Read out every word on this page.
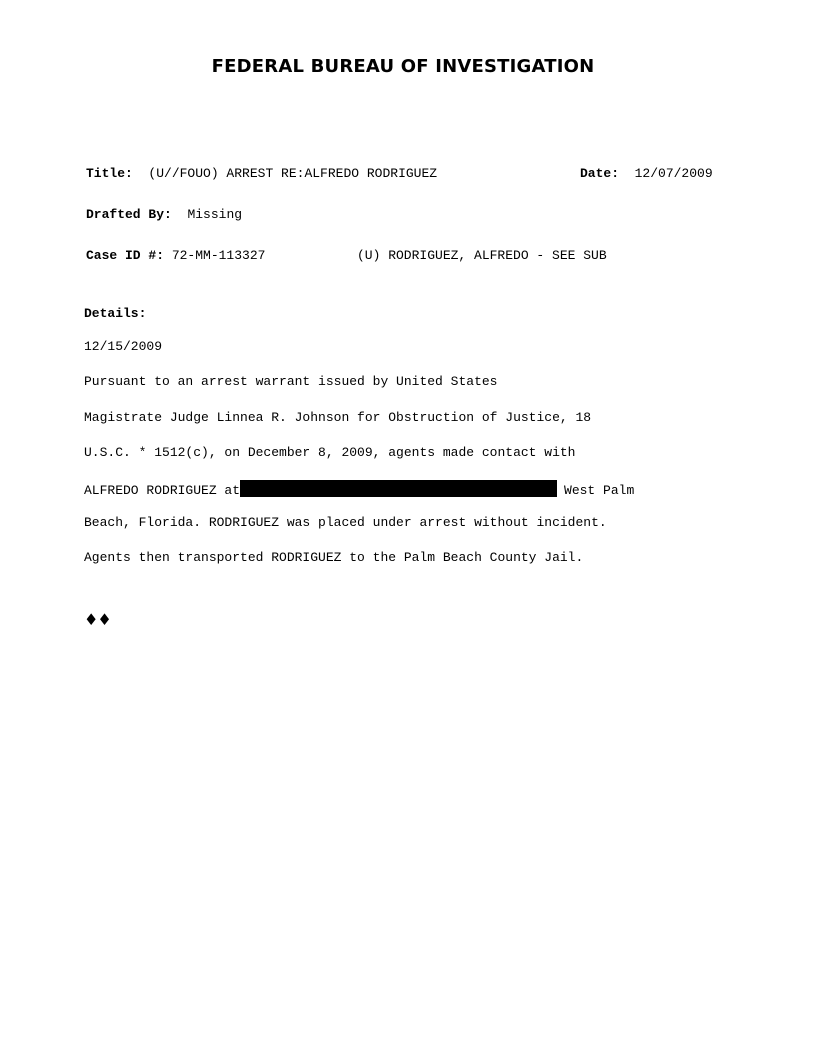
FEDERAL BUREAU OF INVESTIGATION
Title: (U//FOUO) ARREST RE:ALFREDO RODRIGUEZ	Date: 12/07/2009
Drafted By: Missing
Case ID #: 72-MM-113327	(U) RODRIGUEZ, ALFREDO - SEE SUB
Details:
12/15/2009
Pursuant to an arrest warrant issued by United States
Magistrate Judge Linnea R. Johnson for Obstruction of Justice, 18
U.S.C. * 1512(c), on December 8, 2009, agents made contact with
ALFREDO RODRIGUEZ at	West Palm
Beach, Florida. RODRIGUEZ was placed under arrest without incident.
Agents then transported RODRIGUEZ to the Palm Beach County Jail.
♦♦
